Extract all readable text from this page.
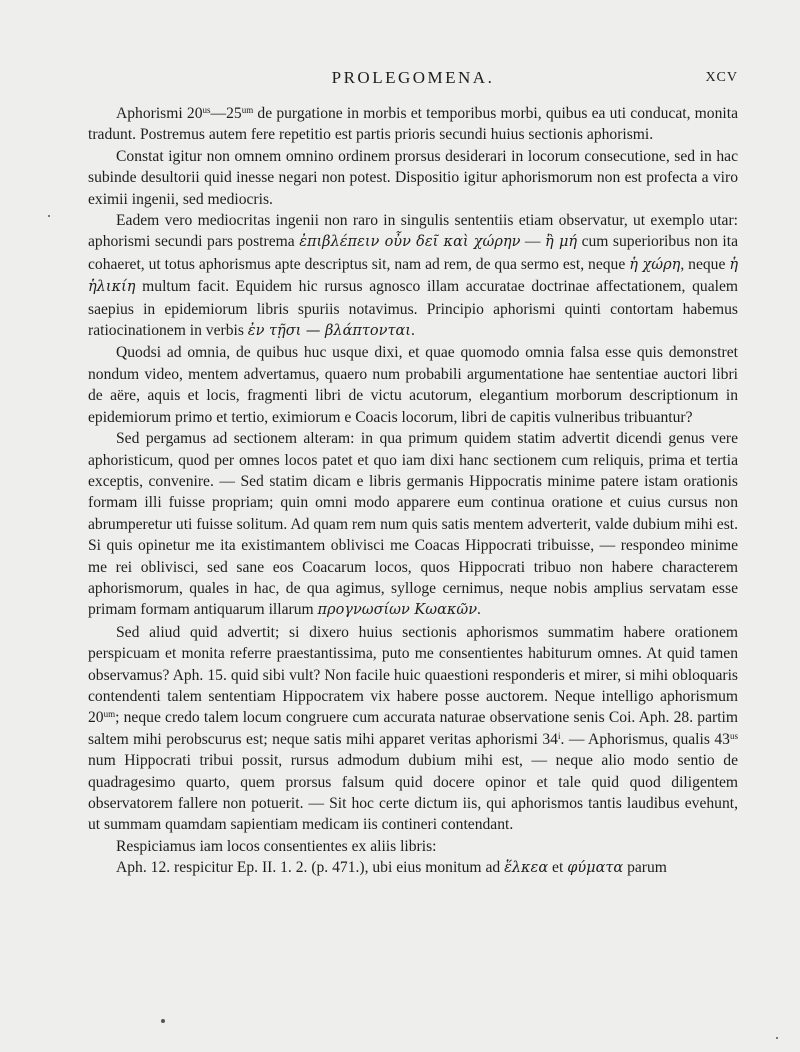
PROLEGOMENA.	XCV

Aphorismi $20^{us}—25^{um}$ de purgatione in morbis et temporibus morbi, quibus ea uti conducat, monita tradunt. Postremus autem fere repetitio est partis prioris secundi huius sectionis aphorismi.

Constat igitur non omnem omnino ordinem prorsus desiderari in locorum consecutione, sed in hac subinde desultorii quid inesse negari non potest. Dispositio igitur aphorismorum non est profecta a viro eximii ingenii, sed mediocris.

Eadem vero mediocritas ingenii non raro in singulis sententiis etiam observatur, ut exemplo utar: aphorismi secundi pars postrema ἐπιβλέπειν οὖν δεῖ καὶ χώρην — ἢ μή cum superioribus non ita cohaeret, ut totus aphorismus apte descriptus sit, nam ad rem, de qua sermo est, neque ἡ χώρη, neque ἡ ἡλικίη multum facit. Equidem hic rursus agnosco illam accuratae doctrinae affectationem, qualem saepius in epidemiorum libris spuriis notavimus. Principio aphorismi quinti contortam habemus ratiocinationem in verbis ἐν τῇσι — βλάπτονται.

Quodsi ad omnia, de quibus huc usque dixi, et quae quomodo omnia falsa esse quis demonstret nondum video, mentem advertamus, quaero num probabili argumentatione hae sententiae auctori libri de aëre, aquis et locis, fragmenti libri de victu acutorum, elegantium morborum descriptionum in epidemiorum primo et tertio, eximiorum e Coacis locorum, libri de capitis vulneribus tribuantur?

Sed pergamus ad sectionem alteram: in qua primum quidem statim advertit dicendi genus vere aphoristicum, quod per omnes locos patet et quo iam dixi hanc sectionem cum reliquis, prima et tertia exceptis, convenire. — Sed statim dicam e libris germanis Hippocratis minime patere istam orationis formam illi fuisse propriam; quin omni modo apparere eum continua oratione et cuius cursus non abrumperetur uti fuisse solitum. Ad quam rem num quis satis mentem adverterit, valde dubium mihi est. Si quis opinetur me ita existimantem oblivisci me Coacas Hippocrati tribuisse, — respondeo minime me rei oblivisci, sed sane eos Coacarum locos, quos Hippocrati tribuo non habere characterem aphorismorum, quales in hac, de qua agimus, sylloge cernimus, neque nobis amplius servatam esse primam formam antiquarum illarum προγνωσίων Κωακῶν.

Sed aliud quid advertit; si dixero huius sectionis aphorismos summatim habere orationem perspicuam et monita referre praestantissima, puto me consentientes habiturum omnes. At quid tamen observamus? Aph. 15. quid sibi vult? Non facile huic quaestioni responderis et mirer, si mihi obloquaris contendenti talem sententiam Hippocratem vix habere posse auctorem. Neque intelligo aphorismum $20^{um}$; neque credo talem locum congruere cum accurata naturae observatione senis Coi. Aph. 28. partim saltem mihi perobscurus est; neque satis mihi apparet veritas aphorismi 34$^i$. — Aphorismus, qualis $43^{us}$ num Hippocrati tribui possit, rursus admodum dubium mihi est, — neque alio modo sentio de quadragesimo quarto, quem prorsus falsum quid docere opinor et tale quid quod diligentem observatorem fallere non potuerit. — Sit hoc certe dictum iis, qui aphorismos tantis laudibus evehunt, ut summam quamdam sapientiam medicam iis contineri contendant.

Respiciamus iam locos consentientes ex aliis libris:

Aph. 12. respicitur Ep. II. 1. 2. (p. 471.), ubi eius monitum ad ἕλκεα et φύματα parum
